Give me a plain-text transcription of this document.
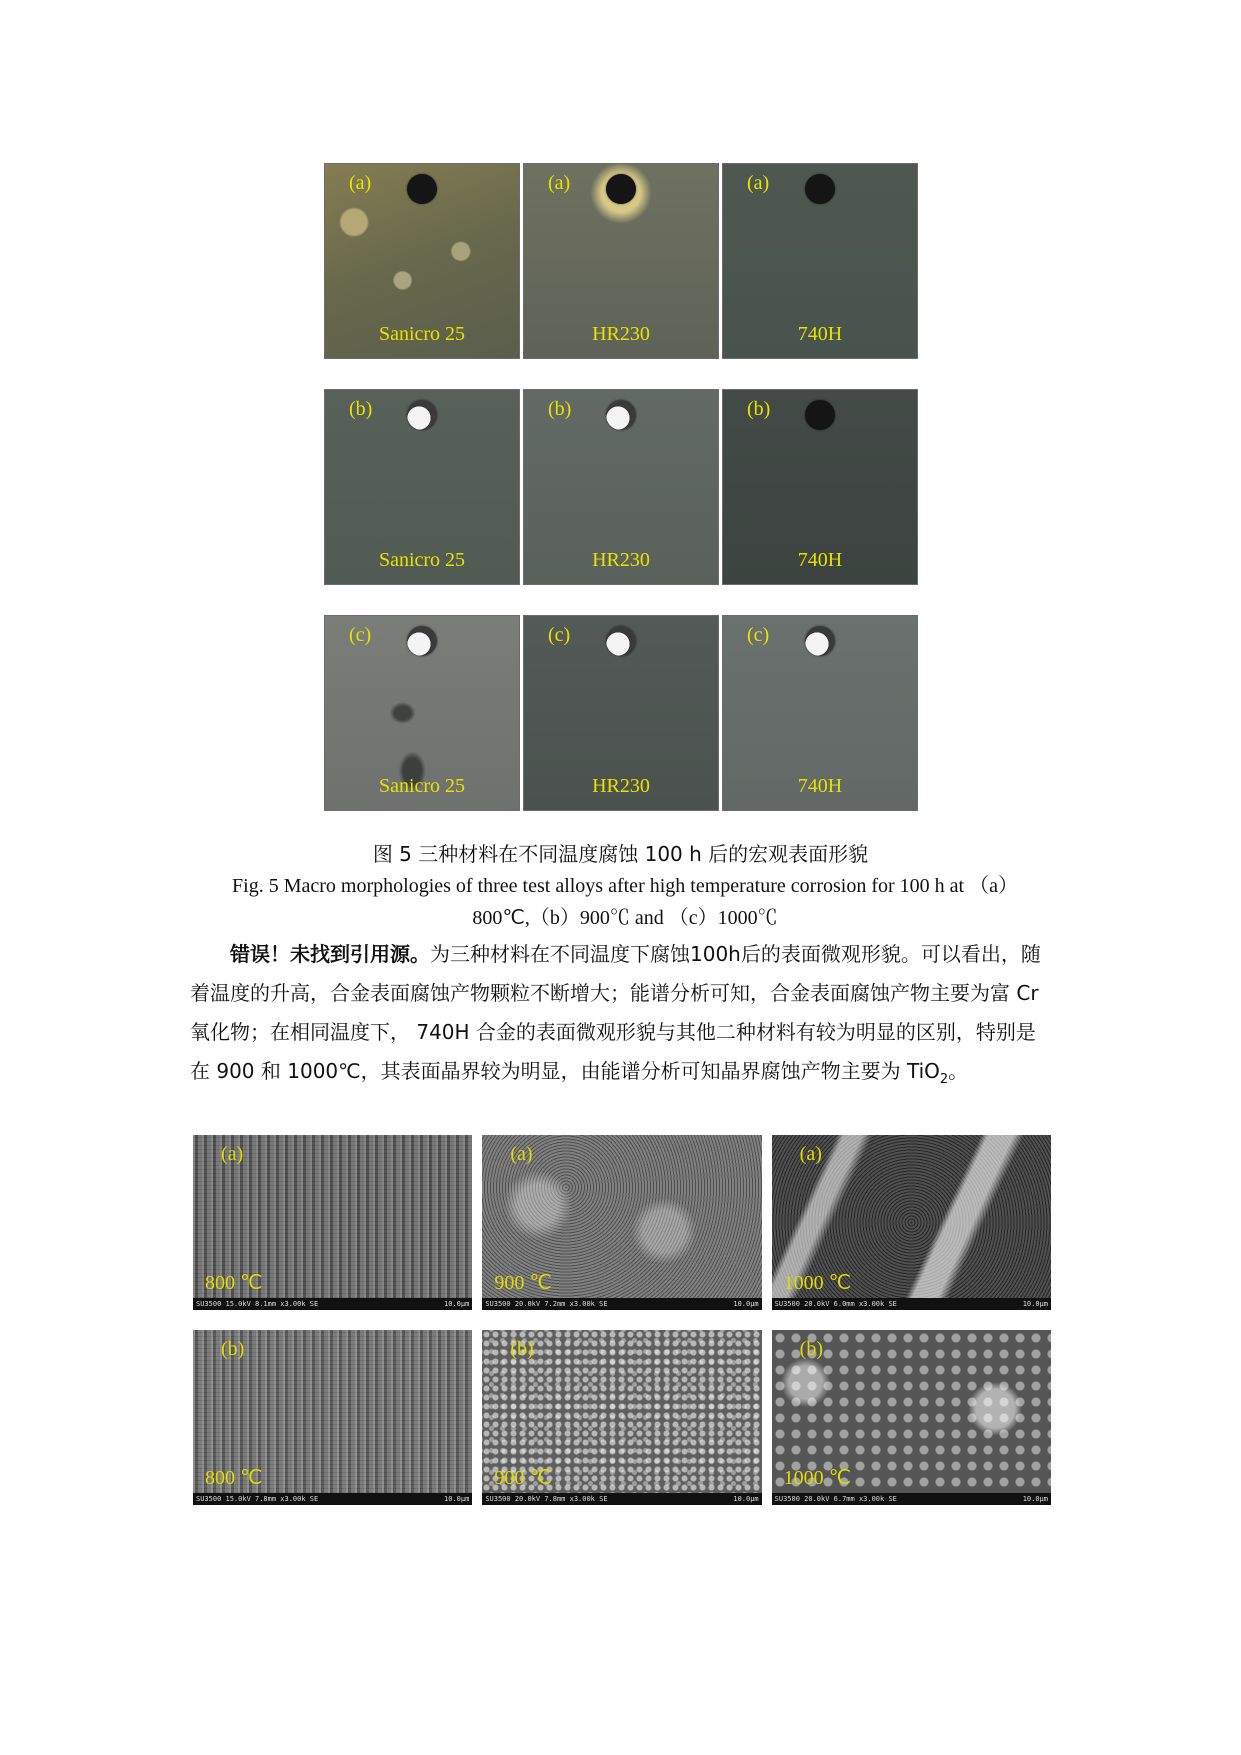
(a)
Sanicro 25
(a)
HR230
(a)
740H
(b)
Sanicro 25
(b)
HR230
(b)
740H
(c)
Sanicro 25
(c)
HR230
(c)
740H
图 5 三种材料在不同温度腐蚀 100 h 后的宏观表面形貌
Fig. 5 Macro morphologies of three test alloys after high temperature corrosion for 100 h at （a）
800℃,（b）900℃ and （c）1000℃
错误！未找到引用源。为三种材料在不同温度下腐蚀100h后的表面微观形貌。可以看出，随着温度的升高，合金表面腐蚀产物颗粒不断增大；能谱分析可知，合金表面腐蚀产物主要为富 Cr 氧化物；在相同温度下， 740H 合金的表面微观形貌与其他二种材料有较为明显的区别，特别是在 900 和 1000℃，其表面晶界较为明显，由能谱分析可知晶界腐蚀产物主要为 TiO$_2$。
(a)
800 ℃
SU3500 15.0kV 8.1mm x3.00k SE	10.0μm
(a)
900 ℃
SU3500 20.0kV 7.2mm x3.00k SE	10.0μm
(a)
1000 ℃
SU3500 20.0kV 6.0mm x3.00k SE	10.0μm
(b)
800 ℃
SU3500 15.0kV 7.8mm x3.00k SE	10.0μm
(b)
900 ℃
SU3500 20.0kV 7.8mm x3.00k SE	10.0μm
(b)
1000 ℃
SU3500 20.0kV 6.7mm x3.00k SE	10.0μm
